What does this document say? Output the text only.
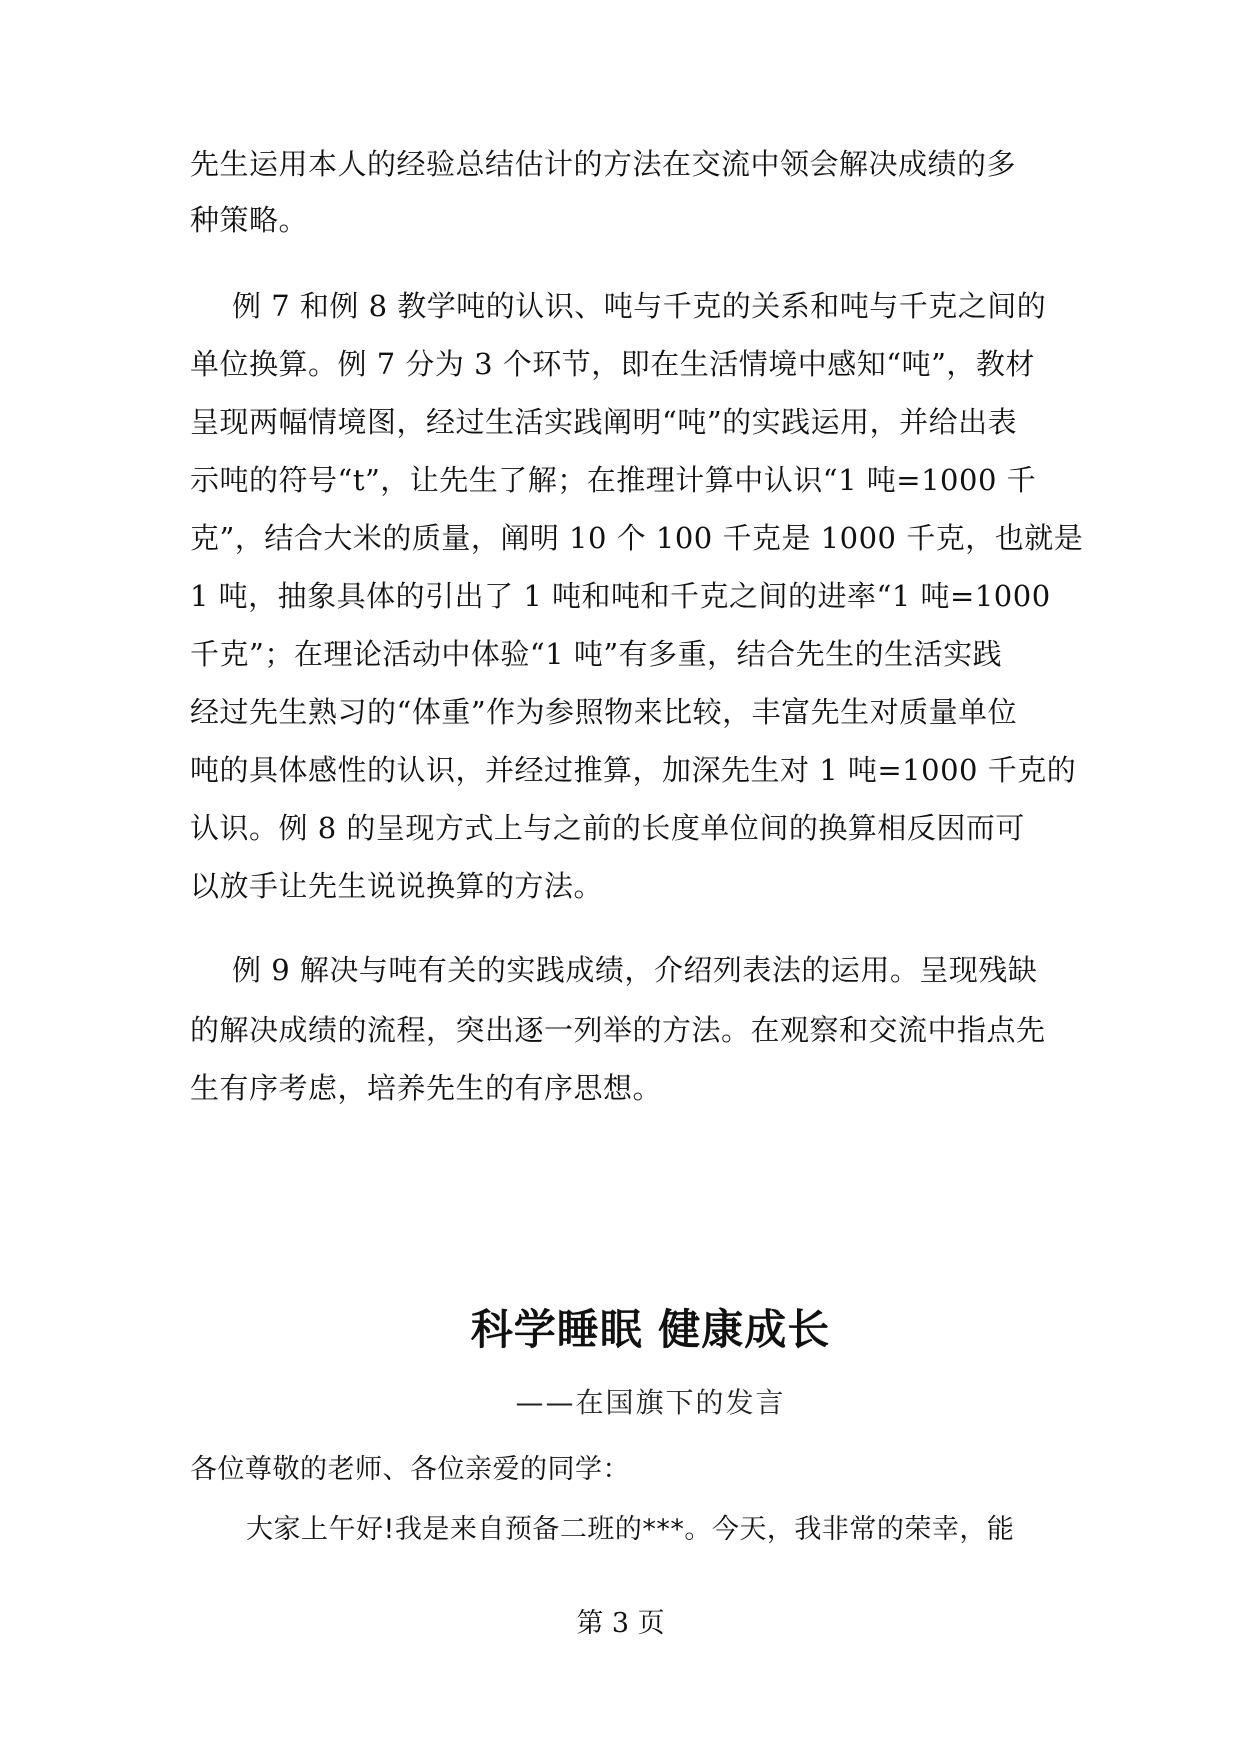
先生运用本人的经验总结估计的方法在交流中领会解决成绩的多
种策略。
例 7 和例 8 教学吨的认识、吨与千克的关系和吨与千克之间的
单位换算。例 7 分为 3 个环节，即在生活情境中感知“吨”，教材
呈现两幅情境图，经过生活实践阐明“吨”的实践运用，并给出表
示吨的符号“t”，让先生了解；在推理计算中认识“1 吨=1000 千
克”，结合大米的质量，阐明 10 个 100 千克是 1000 千克，也就是
1 吨，抽象具体的引出了 1 吨和吨和千克之间的进率“1 吨=1000
千克”；在理论活动中体验“1 吨”有多重，结合先生的生活实践
经过先生熟习的“体重”作为参照物来比较，丰富先生对质量单位
吨的具体感性的认识，并经过推算，加深先生对 1 吨=1000 千克的
认识。例 8 的呈现方式上与之前的长度单位间的换算相反因而可
以放手让先生说说换算的方法。
例 9 解决与吨有关的实践成绩，介绍列表法的运用。呈现残缺
的解决成绩的流程，突出逐一列举的方法。在观察和交流中指点先
生有序考虑，培养先生的有序思想。
科学睡眠 健康成长
——在国旗下的发言
各位尊敬的老师、各位亲爱的同学：
大家上午好!我是来自预备二班的***。今天，我非常的荣幸，能
第 3 页
